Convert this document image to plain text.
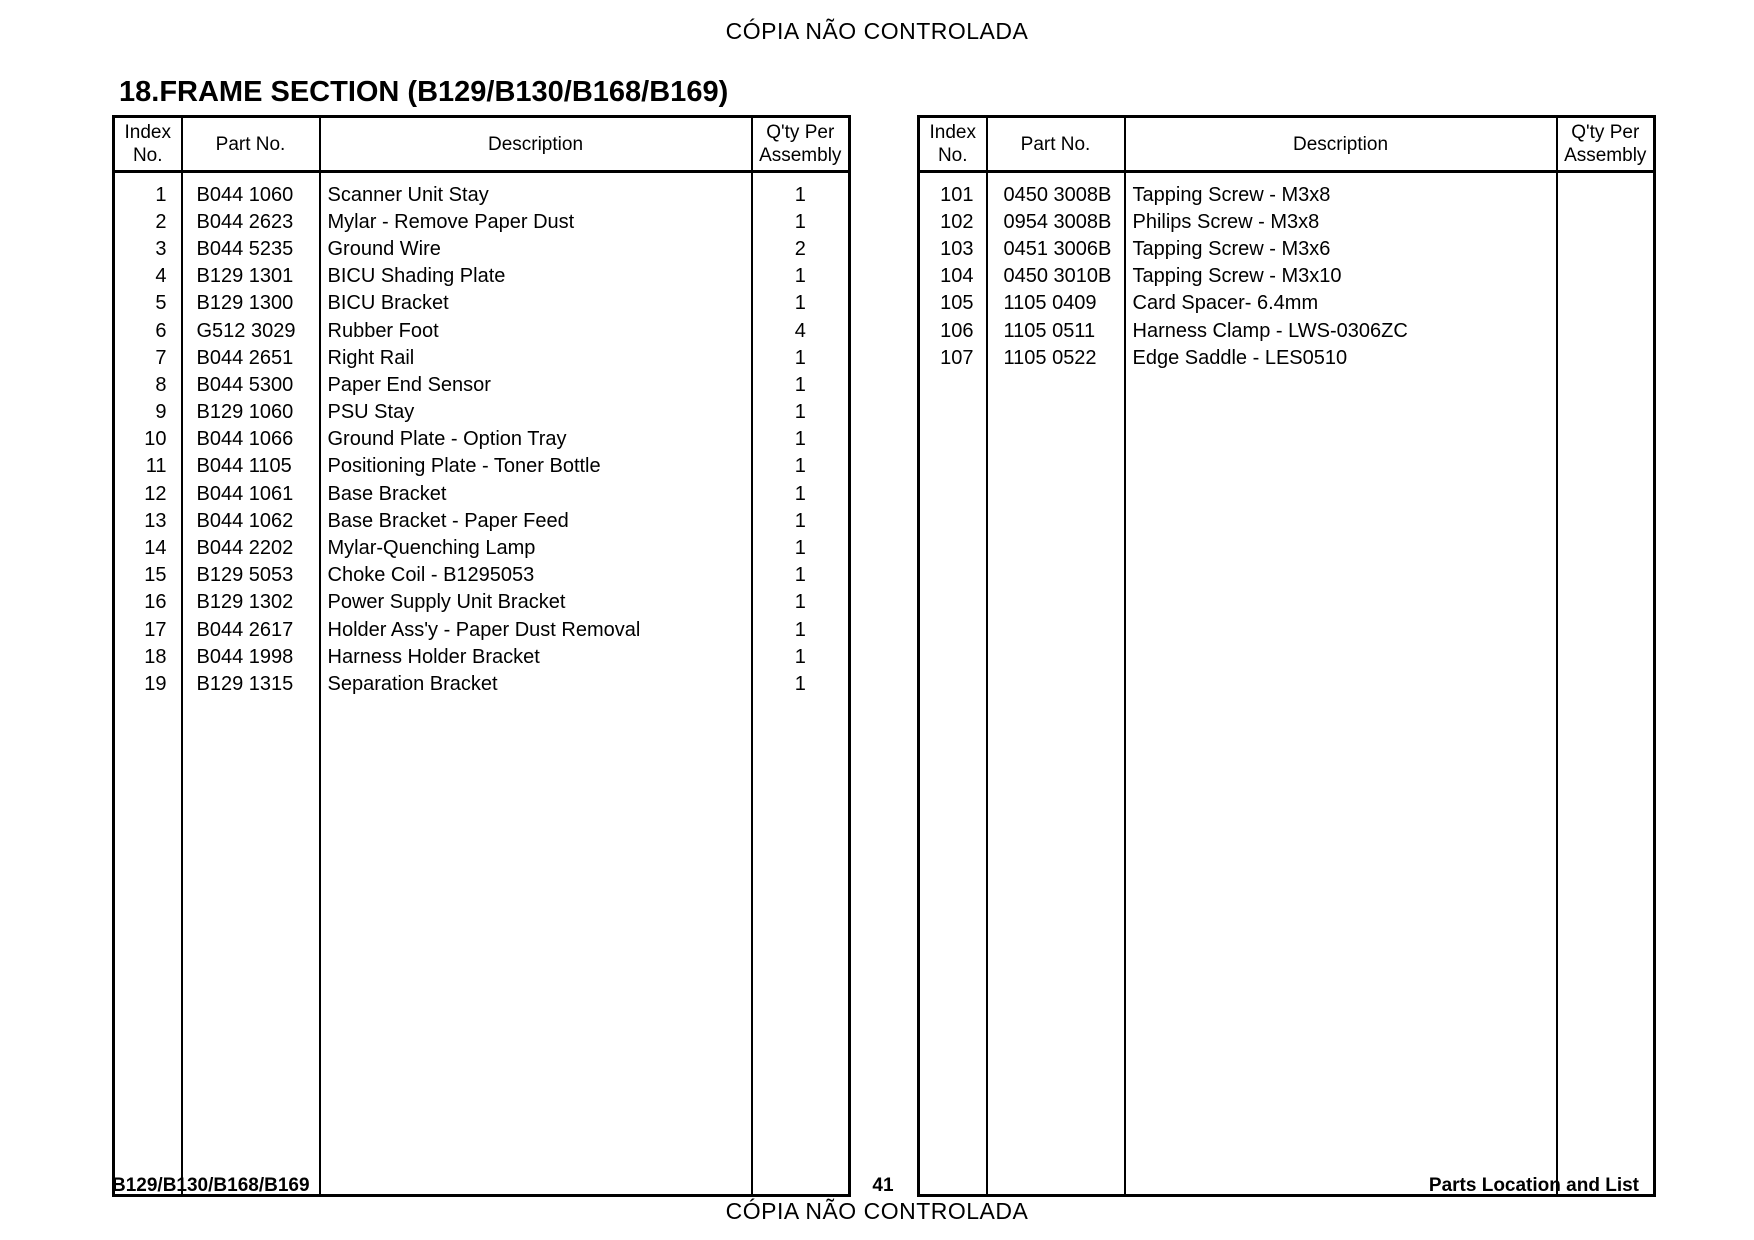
CÓPIA NÃO CONTROLADA
18.FRAME SECTION (B129/B130/B168/B169)
Index
No.	Part No.	Description	Q'ty Per
Assembly
1	B044 1060	Scanner Unit Stay	1
2	B044 2623	Mylar - Remove Paper Dust	1
3	B044 5235	Ground Wire	2
4	B129 1301	BICU Shading Plate	1
5	B129 1300	BICU Bracket	1
6	G512 3029	Rubber Foot	4
7	B044 2651	Right Rail	1
8	B044 5300	Paper End Sensor	1
9	B129 1060	PSU Stay	1
10	B044 1066	Ground Plate - Option Tray	1
11	B044 1105	Positioning Plate - Toner Bottle	1
12	B044 1061	Base Bracket	1
13	B044 1062	Base Bracket - Paper Feed	1
14	B044 2202	Mylar-Quenching Lamp	1
15	B129 5053	Choke Coil - B1295053	1
16	B129 1302	Power Supply Unit Bracket	1
17	B044 2617	Holder Ass'y - Paper Dust Removal	1
18	B044 1998	Harness Holder Bracket	1
19	B129 1315	Separation Bracket	1

Index
No.	Part No.	Description	Q'ty Per
Assembly
101	0450 3008B	Tapping Screw - M3x8	
102	0954 3008B	Philips Screw - M3x8	
103	0451 3006B	Tapping Screw - M3x6	
104	0450 3010B	Tapping Screw - M3x10	
105	1105 0409	Card Spacer- 6.4mm	
106	1105 0511	Harness Clamp - LWS-0306ZC	
107	1105 0522	Edge Saddle - LES0510	

B129/B130/B168/B169	41	Parts Location and List
CÓPIA NÃO CONTROLADA
